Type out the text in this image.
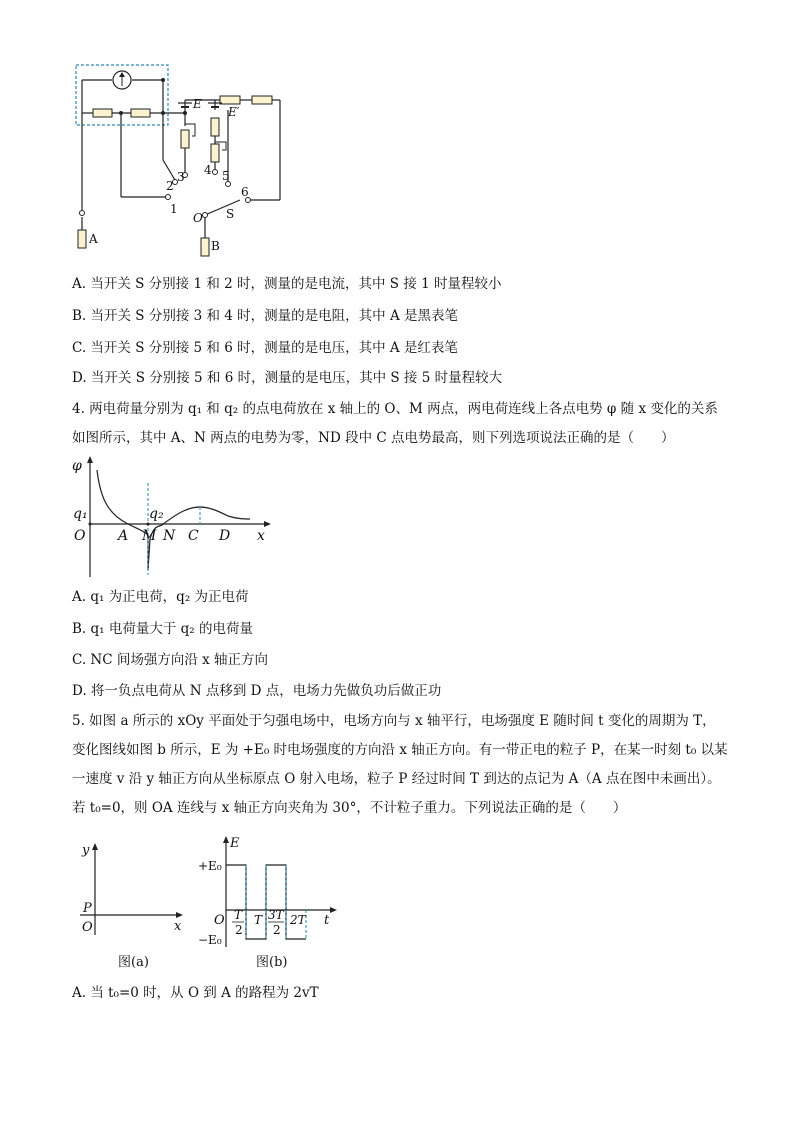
E
E′
1
2
3 4 5
6
O S
A	B
A. 当开关 S 分别接 1 和 2 时，测量的是电流，其中 S 接 1 时量程较小
B. 当开关 S 分别接 3 和 4 时，测量的是电阻，其中 A 是黑表笔
C. 当开关 S 分别接 5 和 6 时，测量的是电压，其中 A 是红表笔
D. 当开关 S 分别接 5 和 6 时，测量的是电压，其中 S 接 5 时量程较大
4. 两电荷量分别为 q₁ 和 q₂ 的点电荷放在 x 轴上的 O、M 两点，两电荷连线上各点电势 φ 随 x 变化的关系如图所示，其中 A、N 两点的电势为零，ND 段中 C 点电势最高，则下列选项说法正确的是（　　）
φ
q₁	q₂
O A M N C D x
A. q₁ 为正电荷，q₂ 为正电荷
B. q₁ 电荷量大于 q₂ 的电荷量
C. NC 间场强方向沿 x 轴正方向
D. 将一负点电荷从 N 点移到 D 点，电场力先做负功后做正功
5. 如图 a 所示的 xOy 平面处于匀强电场中，电场方向与 x 轴平行，电场强度 E 随时间 t 变化的周期为 T，变化图线如图 b 所示，E 为 +E₀ 时电场强度的方向沿 x 轴正方向。有一带正电的粒子 P，在某一时刻 t₀ 以某一速度 v 沿 y 轴正方向从坐标原点 O 射入电场，粒子 P 经过时间 T 到达的点记为 A（A 点在图中未画出）。若 t₀=0，则 OA 连线与 x 轴正方向夹角为 30°，不计粒子重力。下列说法正确的是（　　）
y
x
P
O
图(a)
E
+E₀
−E₀
O T
2
T 3T
2
2T t
图(b)
A. 当 t₀=0 时，从 O 到 A 的路程为 2vT
